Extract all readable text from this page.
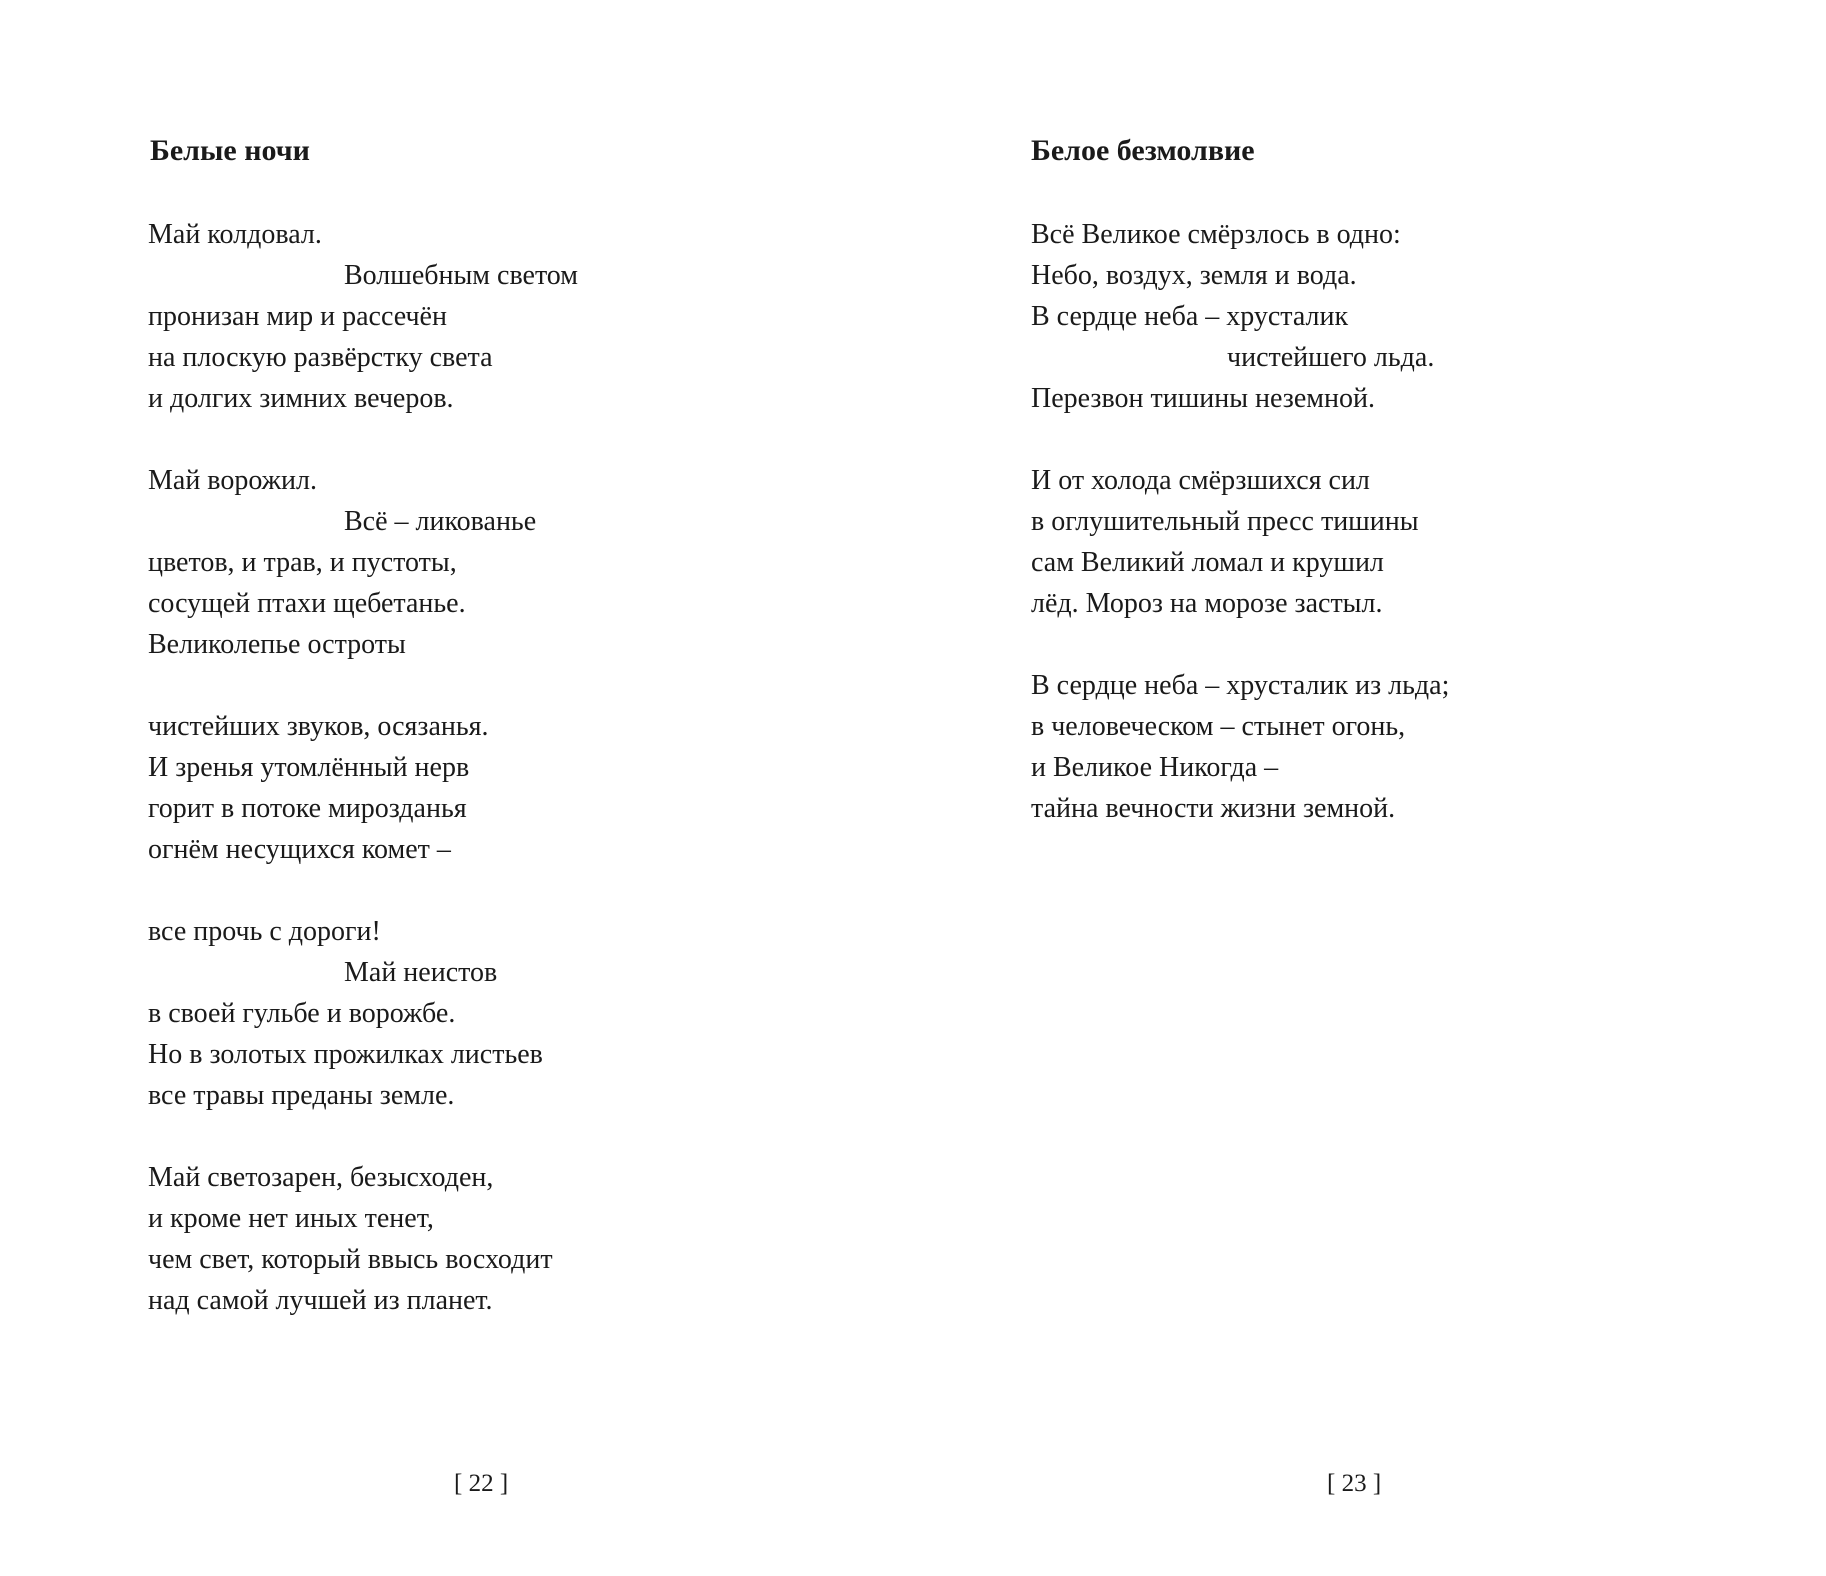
Белые ночи
Май колдовал.
Волшебным светом
пронизан мир и рассечён
на плоскую развёрстку света
и долгих зимних вечеров.
Май ворожил.
Всё – ликованье
цветов, и трав, и пустоты,
сосущей птахи щебетанье.
Великолепье остроты
чистейших звуков, осязанья.
И зренья утомлённый нерв
горит в потоке мирозданья
огнём несущихся комет –
все прочь с дороги!
Май неистов
в своей гульбе и ворожбе.
Но в золотых прожилках листьев
все травы преданы земле.
Май светозарен, безысходен,
и кроме нет иных тенет,
чем свет, который ввысь восходит
над самой лучшей из планет.
[ 22 ]
Белое безмолвие
Всё Великое смёрзлось в одно:
Небо, воздух, земля и вода.
В сердце неба – хрусталик
чистейшего льда.
Перезвон тишины неземной.
И от холода смёрзшихся сил
в оглушительный пресс тишины
сам Великий ломал и крушил
лёд. Мороз на морозе застыл.
В сердце неба – хрусталик из льда;
в человеческом – стынет огонь,
и Великое Никогда –
тайна вечности жизни земной.
[ 23 ]
